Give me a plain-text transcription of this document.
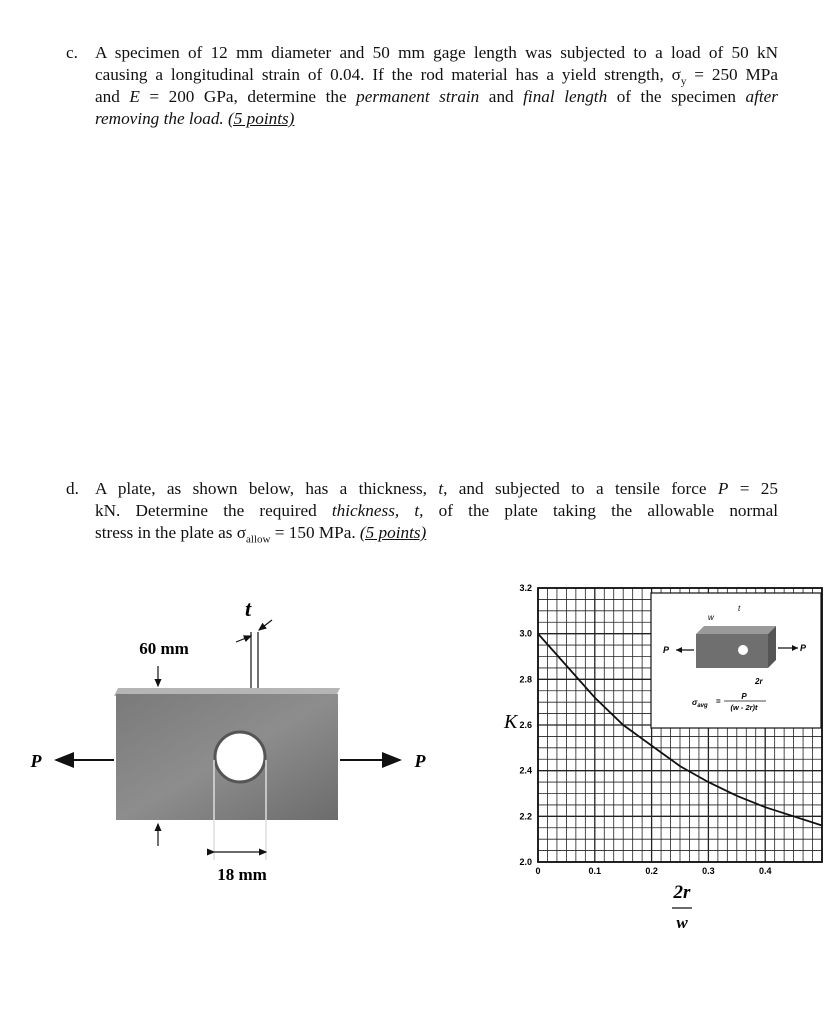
c. A specimen of 12 mm diameter and 50 mm gage length was subjected to a load of 50 kN
causing a longitudinal strain of 0.04. If the rod material has a yield strength, $\sigma_y = 250$ MPa
and E = 200 GPa, determine the permanent strain and final length of the specimen after
removing the load. (5 points)
d. A plate, as shown below, has a thickness, t, and subjected to a tensile force P = 25
kN. Determine the required thickness, t, of the plate taking the allowable normal
stress in the plate as $\sigma_{allow} = 150$ MPa. (5 points)
18 mm
60 mm
t
P	P
2.0
2.2
2.4
2.6
2.8
3.0
3.2
0	0.1	0.2	0.3	0.4
P	P
w
t
2r
$\sigma_{avg}$ =
P
(w - 2r)t
K
2r
w
